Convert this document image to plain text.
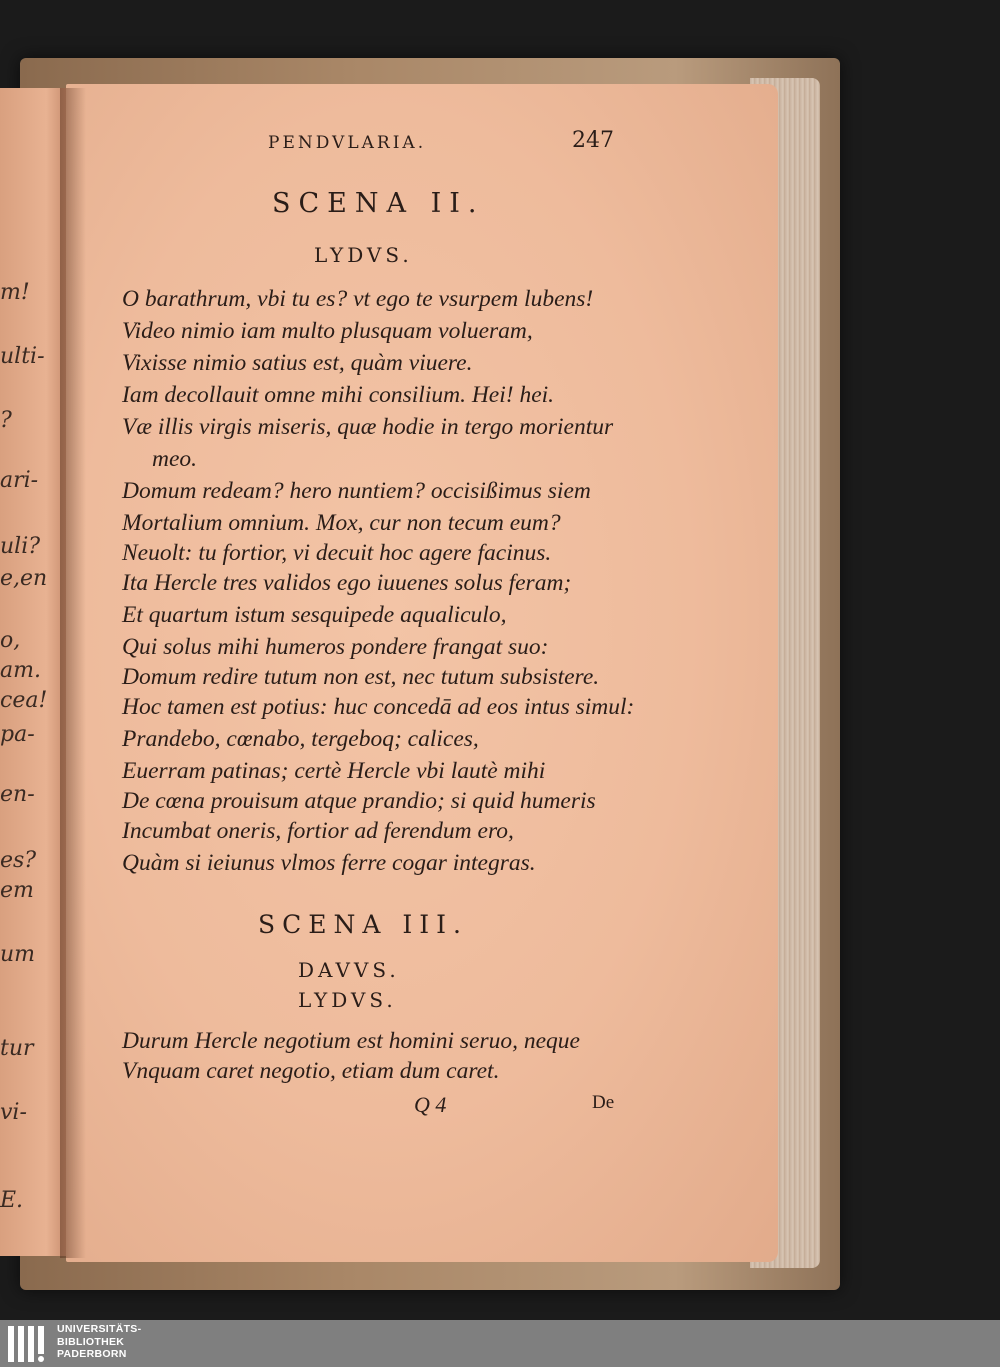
m!
ulti-
?
ari-
uli?
e,en
o,
am.
cea!
pa-
en-
es?
em
um
tur
vi-
E.
PENDVLARIA.	247
SCENA II.
LYDVS.
O barathrum, vbi tu es? vt ego te vsurpem lubens!
Video nimio iam multo plusquam volueram,
Vixisse nimio satius est, quàm viuere.
Iam decollauit omne mihi consilium. Hei! hei.
Væ illis virgis miseris, quæ hodie in tergo morientur
meo.
Domum redeam? hero nuntiem? occisißimus siem
Mortalium omnium. Mox, cur non tecum eum?
Neuolt: tu fortior, vi decuit hoc agere facinus.
Ita Hercle tres validos ego iuuenes solus feram;
Et quartum istum sesquipede aqualiculo,
Qui solus mihi humeros pondere frangat suo:
Domum redire tutum non est, nec tutum subsistere.
Hoc tamen est potius: huc concedā ad eos intus simul:
Prandebo, cœnabo, tergeboq; calices,
Euerram patinas; certè Hercle vbi lautè mihi
De cœna prouisum atque prandio; si quid humeris
Incumbat oneris, fortior ad ferendum ero,
Quàm si ieiunus vlmos ferre cogar integras.
SCENA III.
DAVVS.
LYDVS.
Durum Hercle negotium est homini seruo, neque
Vnquam caret negotio, etiam dum caret.
Q 4	De
UNIVERSITÄTS-
BIBLIOTHEK
PADERBORN
